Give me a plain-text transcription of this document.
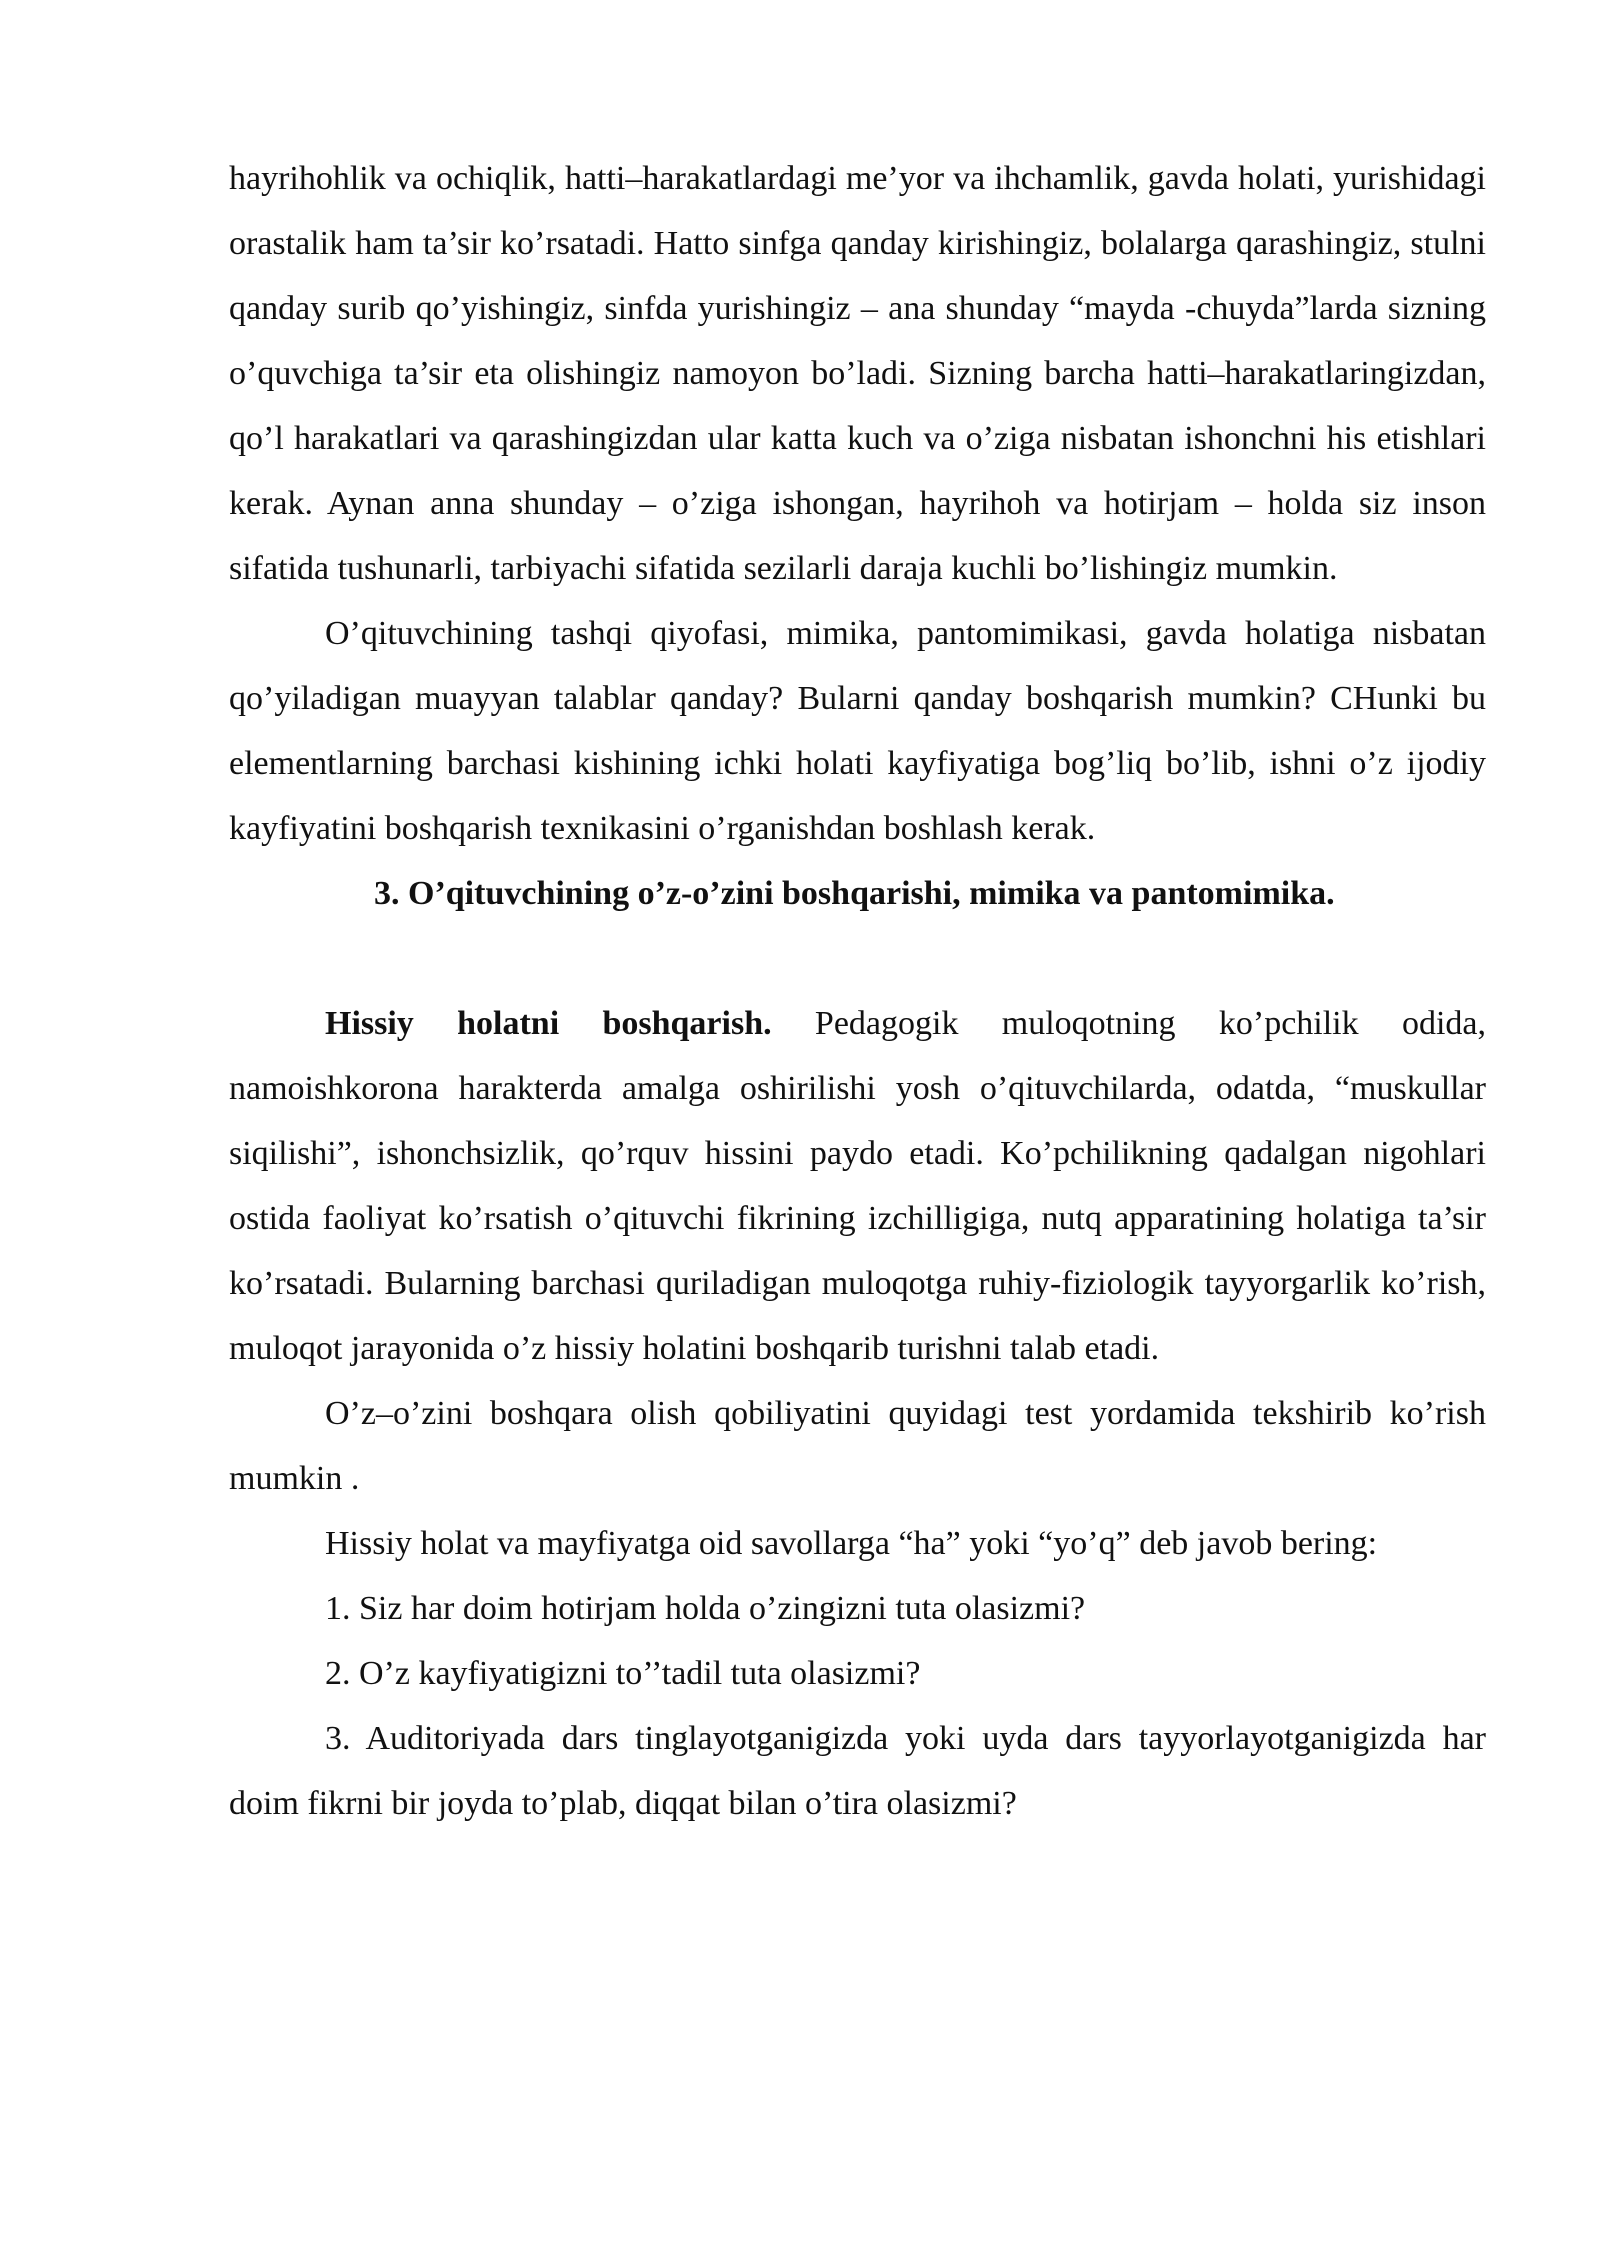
hayrihohlik va ochiqlik, hatti–harakatlardagi me’yor va ihchamlik, gavda holati, yurishidagi orastalik ham ta’sir ko’rsatadi. Hatto sinfga qanday kirishingiz, bolalarga qarashingiz, stulni qanday surib qo’yishingiz, sinfda yurishingiz – ana shunday “mayda -chuyda”larda sizning o’quvchiga ta’sir eta olishingiz namoyon bo’ladi. Sizning barcha hatti–harakatlaringizdan, qo’l harakatlari va qarashingizdan ular katta kuch va o’ziga nisbatan ishonchni his etishlari kerak. Aynan anna shunday – o’ziga ishongan, hayrihoh va hotirjam – holda siz inson sifatida tushunarli, tarbiyachi sifatida sezilarli daraja kuchli bo’lishingiz mumkin.

O’qituvchining tashqi qiyofasi, mimika, pantomimikasi, gavda holatiga nisbatan qo’yiladigan muayyan talablar qanday? Bularni qanday boshqarish mumkin? CHunki bu elementlarning barchasi kishining ichki holati kayfiyatiga bog’liq bo’lib, ishni o’z ijodiy kayfiyatini boshqarish texnikasini o’rganishdan boshlash kerak.

3. O’qituvchining o’z-o’zini boshqarishi, mimika va pantomimika.

Hissiy holatni boshqarish. Pedagogik muloqotning ko’pchilik odida, namoishkorona harakterda amalga oshirilishi yosh o’qituvchilarda, odatda, “muskullar siqilishi”, ishonchsizlik, qo’rquv hissini paydo etadi. Ko’pchilikning qadalgan nigohlari ostida faoliyat ko’rsatish o’qituvchi fikrining izchilligiga, nutq apparatining holatiga ta’sir ko’rsatadi. Bularning barchasi quriladigan muloqotga ruhiy-fiziologik tayyorgarlik ko’rish, muloqot jarayonida o’z hissiy holatini boshqarib turishni talab etadi.

O’z–o’zini boshqara olish qobiliyatini quyidagi test yordamida tekshirib ko’rish mumkin .

Hissiy holat va mayfiyatga oid savollarga “ha” yoki “yo’q” deb javob bering:

1. Siz har doim hotirjam holda o’zingizni tuta olasizmi?

2. O’z kayfiyatigizni to’’tadil tuta olasizmi?

3. Auditoriyada dars tinglayotganigizda yoki uyda dars tayyorlayotganigizda har doim fikrni bir joyda to’plab, diqqat bilan o’tira olasizmi?
